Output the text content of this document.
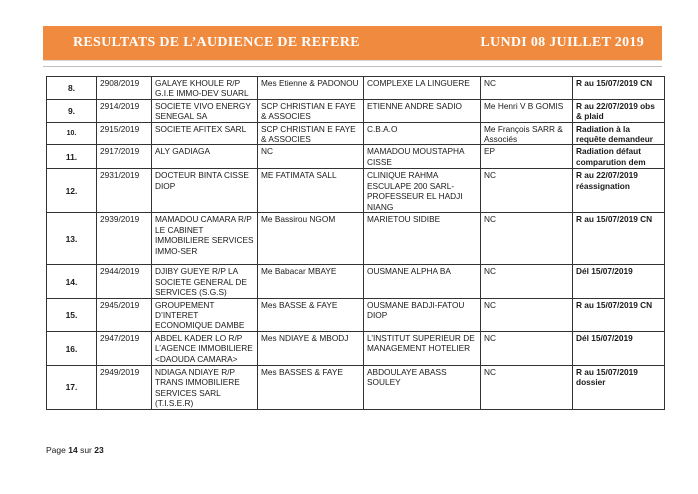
RESULTATS DE L’AUDIENCE DE REFERE	LUNDI 08 JUILLET 2019
8.	2908/2019	GALAYE KHOULE R/P G.I.E IMMO-DEV SUARL	Mes Etienne & PADONOU	COMPLEXE LA LINGUERE	NC	R au 15/07/2019 CN
9.	2914/2019	SOCIETE VIVO ENERGY SENEGAL SA	SCP CHRISTIAN E FAYE & ASSOCIES	ETIENNE ANDRE SADIO	Me Henri V B GOMIS	R au 22/07/2019 obs & plaid
10.	2915/2019	SOCIETE AFITEX SARL	SCP CHRISTIAN E FAYE & ASSOCIES	C.B.A.O	Me François SARR & Associés	Radiation à la requête demandeur
11.	2917/2019	ALY GADIAGA	NC	MAMADOU MOUSTAPHA CISSE	EP	Radiation défaut comparution dem
12.	2931/2019	DOCTEUR BINTA CISSE DIOP	ME FATIMATA SALL	CLINIQUE RAHMA ESCULAPE 200 SARL- PROFESSEUR EL HADJI NIANG	NC	R au 22/07/2019 réassignation
13.	2939/2019	MAMADOU CAMARA R/P LE CABINET IMMOBILIERE SERVICES IMMO-SER	Me Bassirou NGOM	MARIETOU SIDIBE	NC	R au 15/07/2019 CN
14.	2944/2019	DJIBY GUEYE R/P LA SOCIETE GENERAL DE SERVICES (S.G.S)	Me Babacar MBAYE	OUSMANE ALPHA BA	NC	Dél 15/07/2019
15.	2945/2019	GROUPEMENT D’INTERET ECONOMIQUE DAMBE	Mes BASSE & FAYE	OUSMANE BADJI-FATOU DIOP	NC	R au 15/07/2019 CN
16.	2947/2019	ABDEL KADER LO R/P L’AGENCE IMMOBILIERE <DAOUDA CAMARA>	Mes NDIAYE & MBODJ	L’INSTITUT SUPERIEUR DE MANAGEMENT HOTELIER	NC	Dél 15/07/2019
17.	2949/2019	NDIAGA NDIAYE R/P TRANS IMMOBILIERE SERVICES SARL (T.I.S.E.R)	Mes BASSES & FAYE	ABDOULAYE ABASS SOULEY	NC	R au 15/07/2019 dossier
Page 14 sur 23
